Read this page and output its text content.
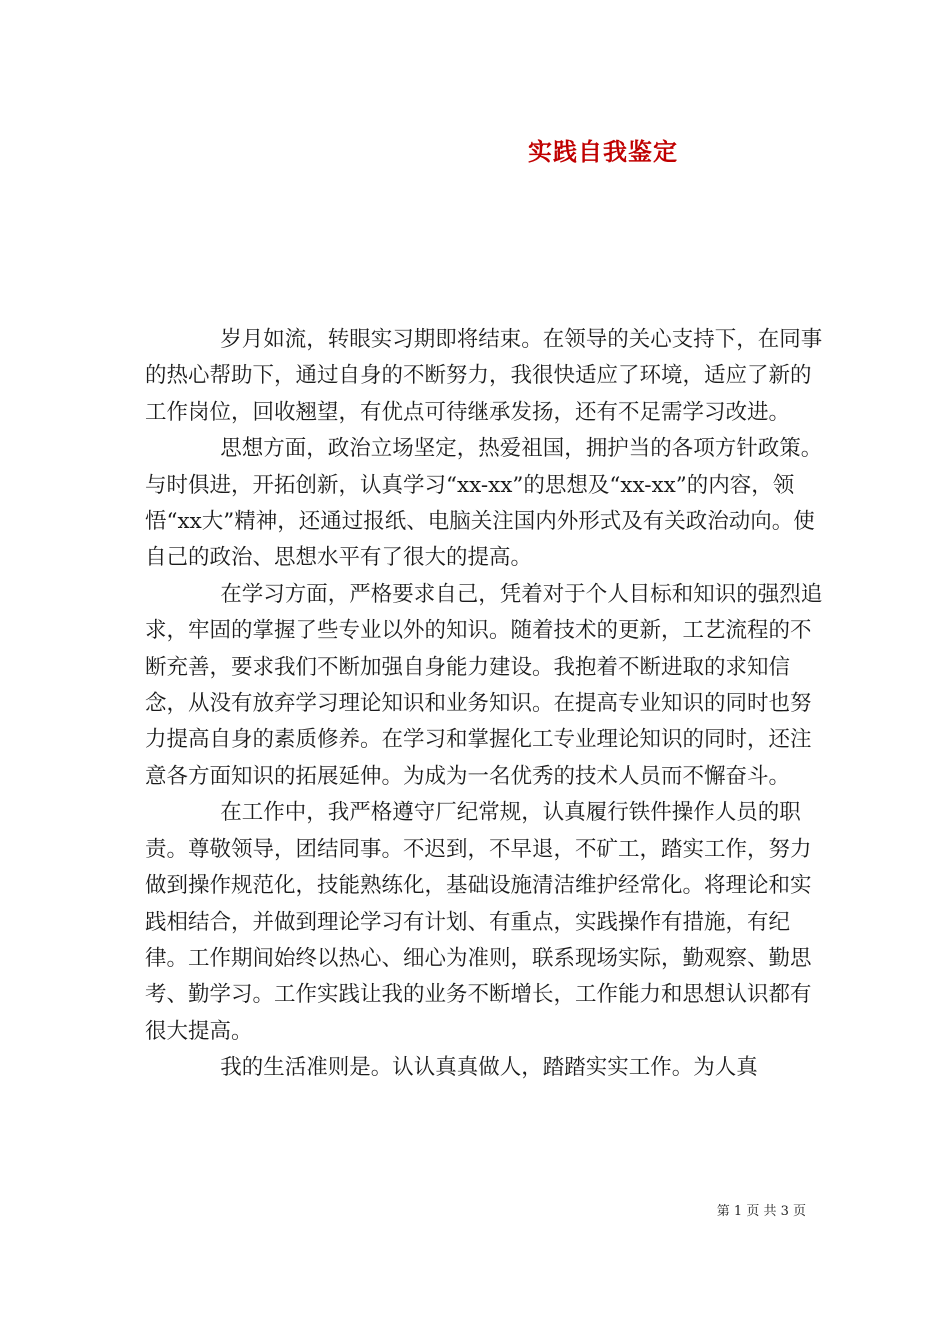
实践自我鉴定

岁月如流，转眼实习期即将结束。在领导的关心支持下，在同事的热心帮助下，通过自身的不断努力，我很快适应了环境，适应了新的工作岗位，回收翘望，有优点可待继承发扬，还有不足需学习改进。

思想方面，政治立场坚定，热爱祖国，拥护当的各项方针政策。与时俱进，开拓创新，认真学习“xx-xx”的思想及“xx-xx”的内容，领悟“xx大”精神，还通过报纸、电脑关注国内外形式及有关政治动向。使自己的政治、思想水平有了很大的提高。

在学习方面，严格要求自己，凭着对于个人目标和知识的强烈追求，牢固的掌握了些专业以外的知识。随着技术的更新，工艺流程的不断充善，要求我们不断加强自身能力建设。我抱着不断进取的求知信念，从没有放弃学习理论知识和业务知识。在提高专业知识的同时也努力提高自身的素质修养。在学习和掌握化工专业理论知识的同时，还注意各方面知识的拓展延伸。为成为一名优秀的技术人员而不懈奋斗。

在工作中，我严格遵守厂纪常规，认真履行铁件操作人员的职责。尊敬领导，团结同事。不迟到，不早退，不矿工，踏实工作，努力做到操作规范化，技能熟练化，基础设施清洁维护经常化。将理论和实践相结合，并做到理论学习有计划、有重点，实践操作有措施，有纪律。工作期间始终以热心、细心为准则，联系现场实际，勤观察、勤思考、勤学习。工作实践让我的业务不断增长，工作能力和思想认识都有很大提高。

我的生活准则是。认认真真做人，踏踏实实工作。为人真

第 1 页 共 3 页
